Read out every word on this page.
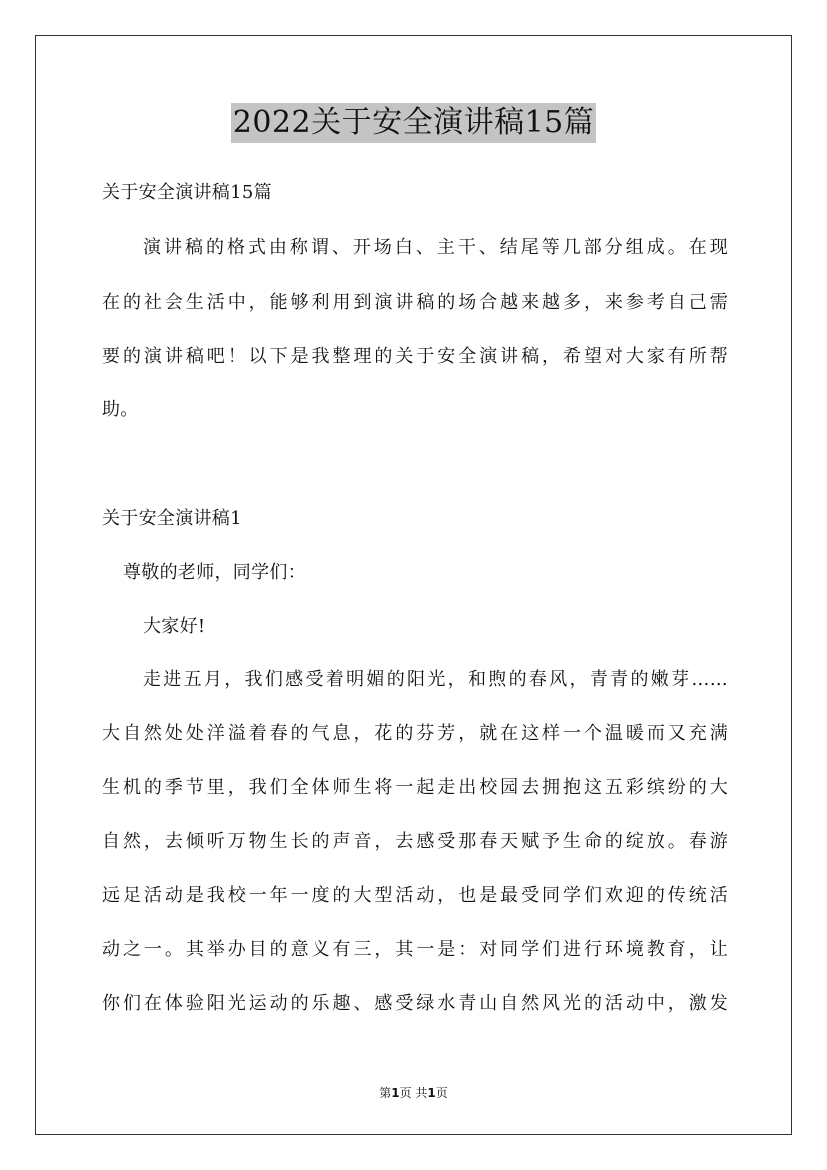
2022关于安全演讲稿15篇
关于安全演讲稿15篇
演讲稿的格式由称谓、开场白、主干、结尾等几部分组成。在现
在的社会生活中，能够利用到演讲稿的场合越来越多，来参考自己需
要的演讲稿吧！以下是我整理的关于安全演讲稿，希望对大家有所帮
助。
关于安全演讲稿1
尊敬的老师，同学们：
大家好!
走进五月，我们感受着明媚的阳光，和煦的春风，青青的嫩芽……
大自然处处洋溢着春的气息，花的芬芳，就在这样一个温暖而又充满
生机的季节里，我们全体师生将一起走出校园去拥抱这五彩缤纷的大
自然，去倾听万物生长的声音，去感受那春天赋予生命的绽放。春游
远足活动是我校一年一度的大型活动，也是最受同学们欢迎的传统活
动之一。其举办目的意义有三，其一是：对同学们进行环境教育，让
你们在体验阳光运动的乐趣、感受绿水青山自然风光的活动中，激发
第1页 共1页
